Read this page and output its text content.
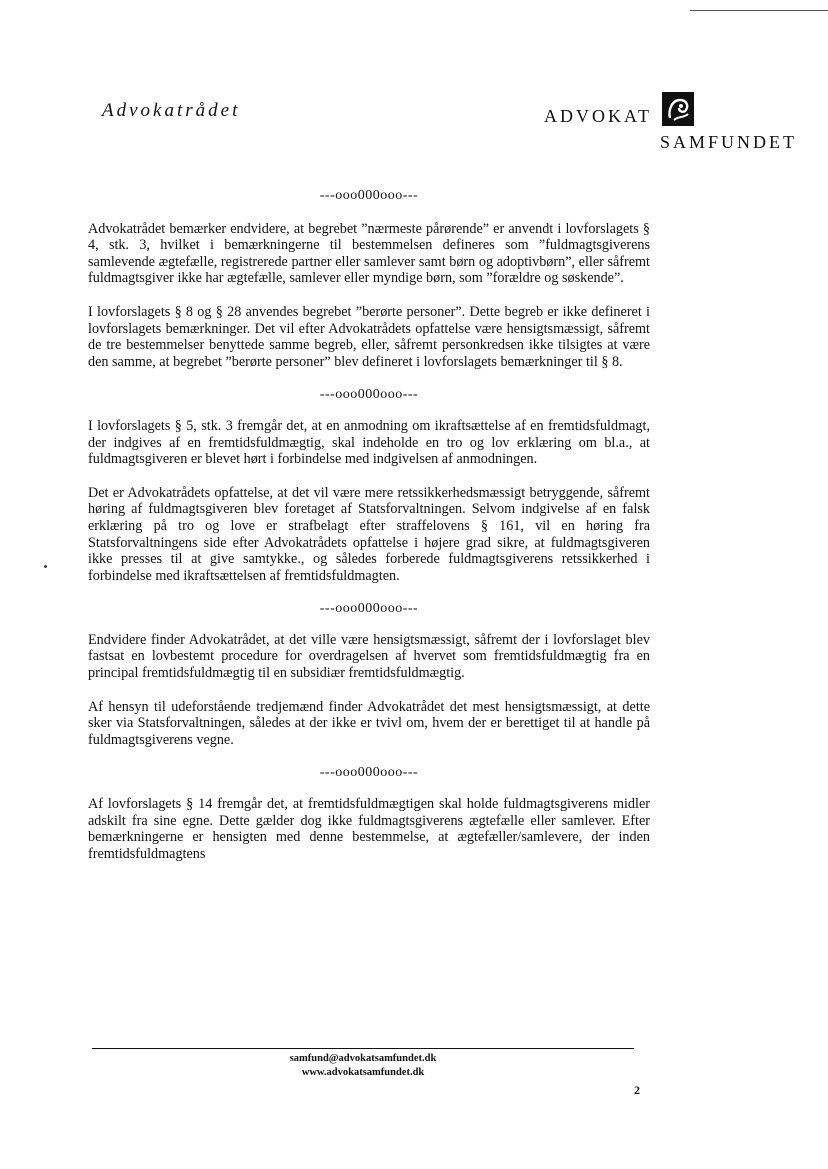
Advokatrådet	ADVOKAT
SAMFUNDET
---ooo000ooo---

Advokatrådet bemærker endvidere, at begrebet ”nærmeste pårørende” er anvendt i lovforslagets § 4, stk. 3, hvilket i bemærkningerne til bestemmelsen defineres som ”fuldmagtsgiverens samlevende ægtefælle, registrerede partner eller samlever samt børn og adoptivbørn”, eller såfremt fuldmagtsgiver ikke har ægtefælle, samlever eller myndige børn, som ”forældre og søskende”.

I lovforslagets § 8 og § 28 anvendes begrebet ”berørte personer”. Dette begreb er ikke defineret i lovforslagets bemærkninger. Det vil efter Advokatrådets opfattelse være hensigtsmæssigt, såfremt de tre bestemmelser benyttede samme begreb, eller, såfremt personkredsen ikke tilsigtes at være den samme, at begrebet ”berørte personer” blev defineret i lovforslagets bemærkninger til § 8.

---ooo000ooo---

I lovforslagets § 5, stk. 3 fremgår det, at en anmodning om ikraftsættelse af en fremtidsfuldmagt, der indgives af en fremtidsfuldmægtig, skal indeholde en tro og lov erklæring om bl.a., at fuldmagtsgiveren er blevet hørt i forbindelse med indgivelsen af anmodningen.

Det er Advokatrådets opfattelse, at det vil være mere retssikkerhedsmæssigt betryggende, såfremt høring af fuldmagtsgiveren blev foretaget af Statsforvaltningen. Selvom indgivelse af en falsk erklæring på tro og love er strafbelagt efter straffelovens § 161, vil en høring fra Statsforvaltningens side efter Advokatrådets opfattelse i højere grad sikre, at fuldmagtsgiveren ikke presses til at give samtykke., og således forberede fuldmagtsgiverens retssikkerhed i forbindelse med ikraftsættelsen af fremtidsfuldmagten.

---ooo000ooo---

Endvidere finder Advokatrådet, at det ville være hensigtsmæssigt, såfremt der i lovforslaget blev fastsat en lovbestemt procedure for overdragelsen af hvervet som fremtidsfuldmægtig fra en principal fremtidsfuldmægtig til en subsidiær fremtidsfuldmægtig.

Af hensyn til udeforstående tredjemænd finder Advokatrådet det mest hensigtsmæssigt, at dette sker via Statsforvaltningen, således at der ikke er tvivl om, hvem der er berettiget til at handle på fuldmagtsgiverens vegne.

---ooo000ooo---

Af lovforslagets § 14 fremgår det, at fremtidsfuldmægtigen skal holde fuldmagtsgiverens midler adskilt fra sine egne. Dette gælder dog ikke fuldmagtsgiverens ægtefælle eller samlever. Efter bemærkningerne er hensigten med denne bestemmelse, at ægtefæller/samlevere, der inden fremtidsfuldmagtens

samfund@advokatsamfundet.dk
www.advokatsamfundet.dk
2
